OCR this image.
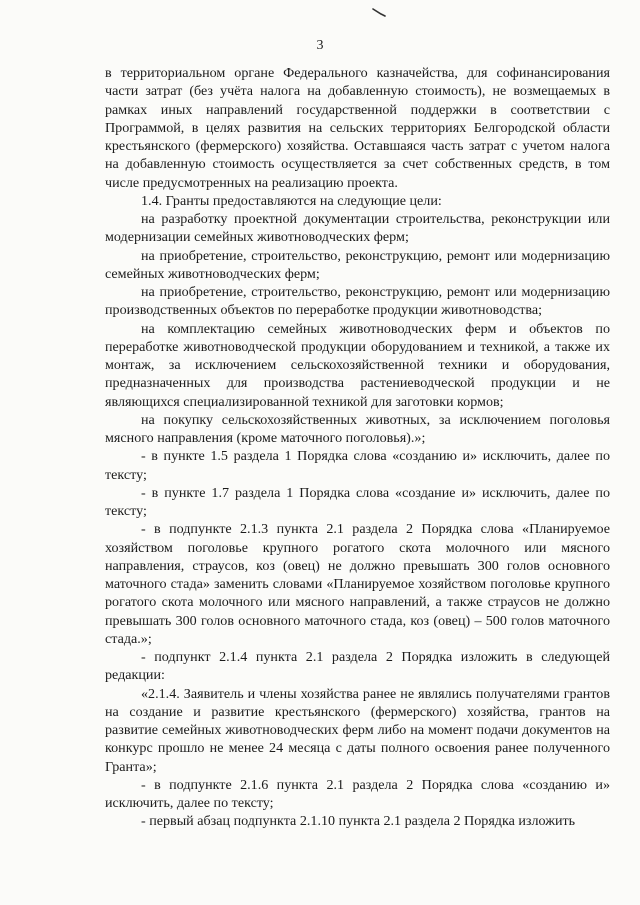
3

в территориальном органе Федерального казначейства, для софинансирования части затрат (без учёта налога на добавленную стоимость), не возмещаемых в рамках иных направлений государственной поддержки в соответствии с Программой, в целях развития на сельских территориях Белгородской области крестьянского (фермерского) хозяйства. Оставшаяся часть затрат с учетом налога на добавленную стоимость осуществляется за счет собственных средств, в том числе предусмотренных на реализацию проекта.

1.4. Гранты предоставляются на следующие цели:

на разработку проектной документации строительства, реконструкции или модернизации семейных животноводческих ферм;

на приобретение, строительство, реконструкцию, ремонт или модернизацию семейных животноводческих ферм;

на приобретение, строительство, реконструкцию, ремонт или модернизацию производственных объектов по переработке продукции животноводства;

на комплектацию семейных животноводческих ферм и объектов по переработке животноводческой продукции оборудованием и техникой, а также их монтаж, за исключением сельскохозяйственной техники и оборудования, предназначенных для производства растениеводческой продукции и не являющихся специализированной техникой для заготовки кормов;

на покупку сельскохозяйственных животных, за исключением поголовья мясного направления (кроме маточного поголовья).»;

- в пункте 1.5 раздела 1 Порядка слова «созданию и» исключить, далее по тексту;

- в пункте 1.7 раздела 1 Порядка слова «создание и» исключить, далее по тексту;

- в подпункте 2.1.3 пункта 2.1 раздела 2 Порядка слова «Планируемое хозяйством поголовье крупного рогатого скота молочного или мясного направления, страусов, коз (овец) не должно превышать 300 голов основного маточного стада» заменить словами «Планируемое хозяйством поголовье крупного рогатого скота молочного или мясного направлений, а также страусов не должно превышать 300 голов основного маточного стада, коз (овец) – 500 голов маточного стада.»;

- подпункт 2.1.4 пункта 2.1 раздела 2 Порядка изложить в следующей редакции:

«2.1.4. Заявитель и члены хозяйства ранее не являлись получателями грантов на создание и развитие крестьянского (фермерского) хозяйства, грантов на развитие семейных животноводческих ферм либо на момент подачи документов на конкурс прошло не менее 24 месяца с даты полного освоения ранее полученного Гранта»;

- в подпункте 2.1.6 пункта 2.1 раздела 2 Порядка слова «созданию и» исключить, далее по тексту;

- первый абзац подпункта 2.1.10 пункта 2.1 раздела 2 Порядка изложить
